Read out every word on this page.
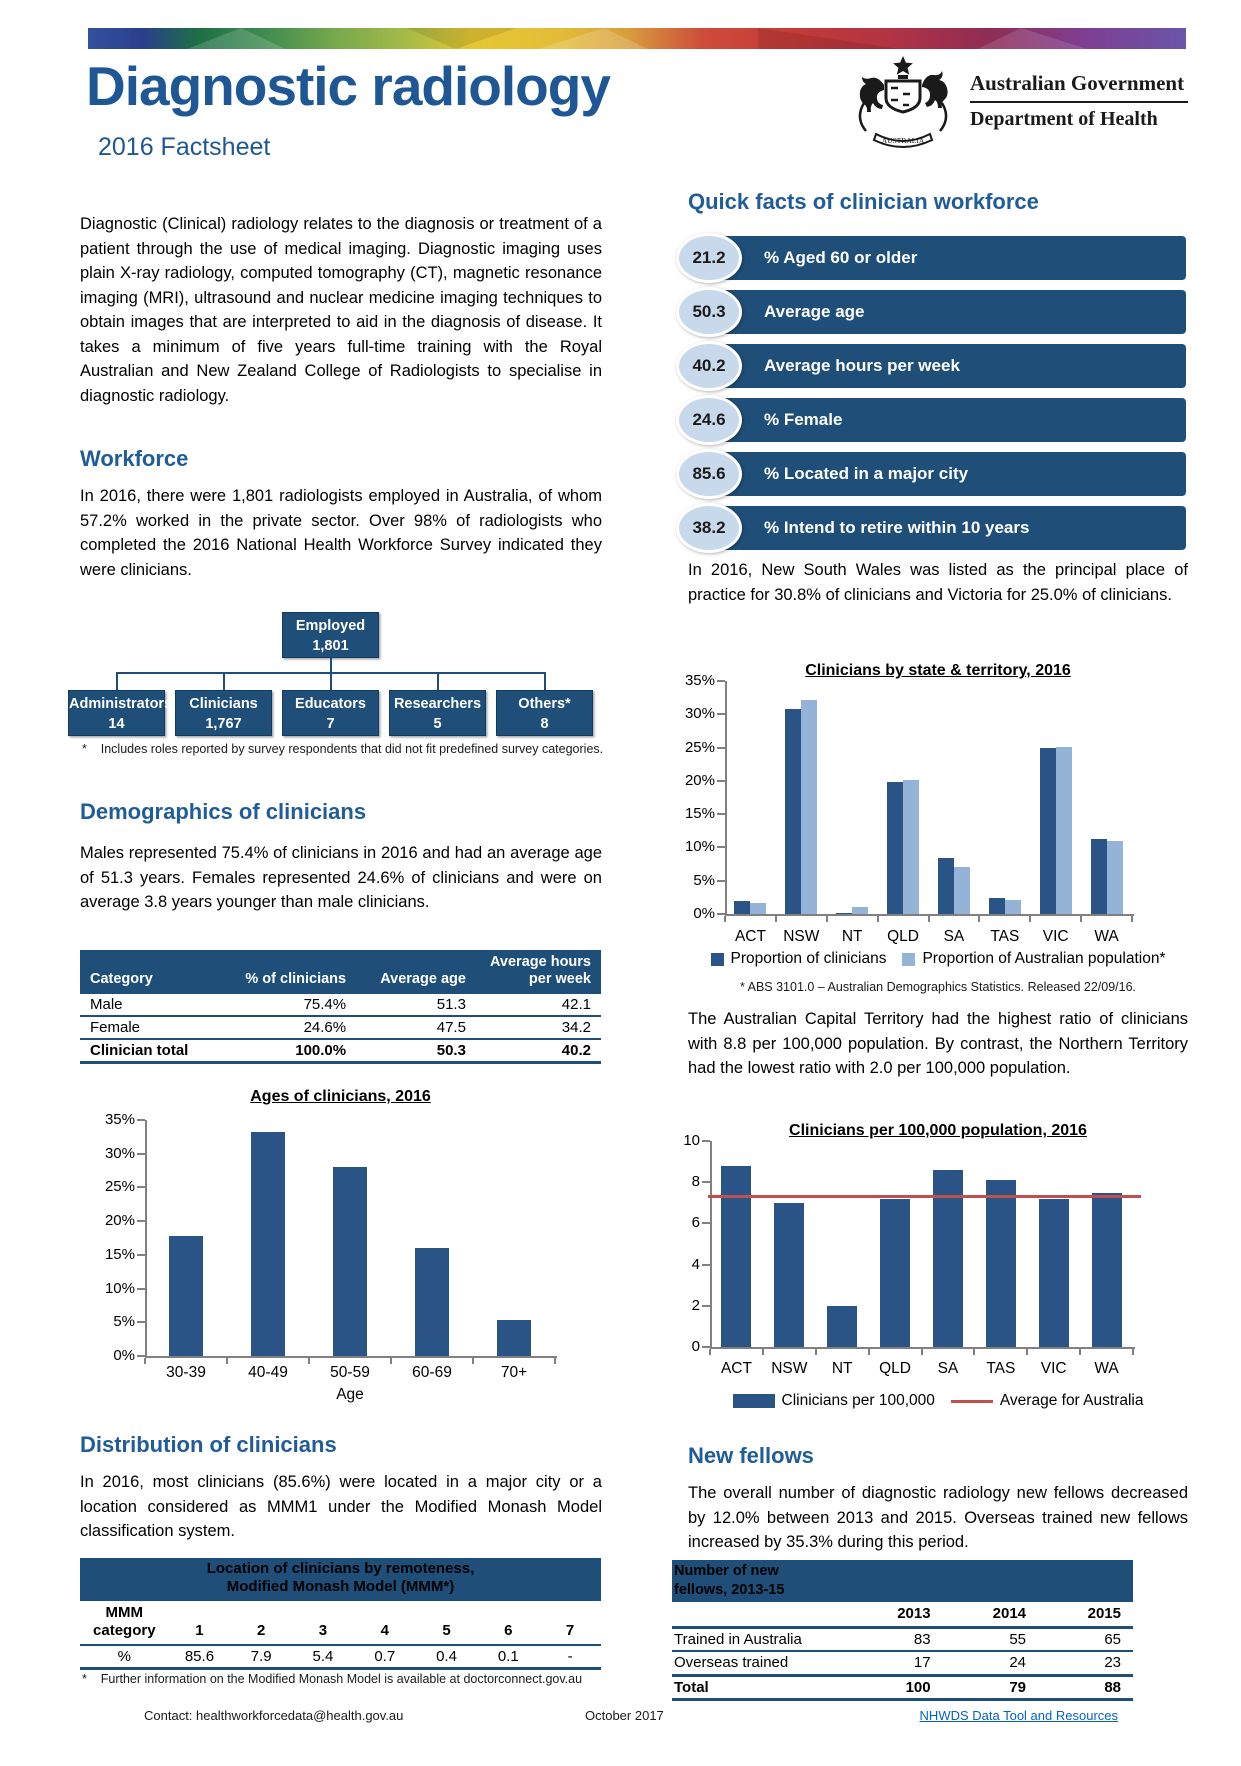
Diagnostic radiology
2016 Factsheet	AUSTRALIA
Australian Government
Department of Health
Diagnostic (Clinical) radiology relates to the diagnosis or treatment of a patient through the use of medical imaging. Diagnostic imaging uses plain X-ray radiology, computed tomography (CT), magnetic resonance imaging (MRI), ultrasound and nuclear medicine imaging techniques to obtain images that are interpreted to aid in the diagnosis of disease. It takes a minimum of five years full-time training with the Royal Australian and New Zealand College of Radiologists to specialise in diagnostic radiology.
Workforce
In 2016, there were 1,801 radiologists employed in Australia, of whom 57.2% worked in the private sector. Over 98% of radiologists who completed the 2016 National Health Workforce Survey indicated they were clinicians.
Employed
1,801
Administrators
14
Clinicians
1,767
Educators
7
Researchers
5
Others*
8
*    Includes roles reported by survey respondents that did not fit predefined survey categories.
Demographics of clinicians
Males represented 75.4% of clinicians in 2016 and had an average age of 51.3 years. Females represented 24.6% of clinicians and were on average 3.8 years younger than male clinicians.
Category	% of clinicians	Average age	Average hours per week
Male	75.4%	51.3	42.1
Female	24.6%	47.5	34.2
Clinician total	100.0%	50.3	40.2
Ages of clinicians, 2016
Age
0%
5%
10%
15%
20%
25%
30%
35%
30-39	40-49	50-59	60-69	70+
Distribution of clinicians
In 2016, most clinicians (85.6%) were located in a major city or a location considered as MMM1 under the Modified Monash Model classification system.
Location of clinicians by remoteness,
Modified Monash Model (MMM*)							

MMM
category	1	2	3	4	5	6	7
%	85.6	7.9	5.4	0.7	0.4	0.1	-
*    Further information on the Modified Monash Model is available at doctorconnect.gov.au
Quick facts of clinician workforce
% Aged 60 or older
21.2
Average age
50.3
Average hours per week
40.2
% Female
24.6
% Located in a major city
85.6
% Intend to retire within 10 years
38.2
In 2016, New South Wales was listed as the principal place of practice for 30.8% of clinicians and Victoria for 25.0% of clinicians.
Clinicians by state & territory, 2016
* ABS 3101.0 – Australian Demographics Statistics. Released 22/09/16.
0%
5%
10%
15%
20%
25%
30%
35%
ACT	NSW	NT	QLD	SA	TAS	VIC	WA
Proportion of clinicians Proportion of Australian population*
The Australian Capital Territory had the highest ratio of clinicians with 8.8 per 100,000 population. By contrast, the Northern Territory had the lowest ratio with 2.0 per 100,000 population.
Clinicians per 100,000 population, 2016
0
2
4
6
8
10
ACT	NSW	NT	QLD	SA	TAS	VIC	WA
Clinicians per 100,000	Average for Australia
New fellows
The overall number of diagnostic radiology new fellows decreased by 12.0% between 2013 and 2015. Overseas trained new fellows increased by 35.3% during this period.
Number of new fellows, 2013-15			

	2013	2014	2015
Trained in Australia	83	55	65
Overseas trained	17	24	23
Total	100	79	88
Contact: healthworkforcedata@health.gov.au	October 2017	NHWDS Data Tool and Resources
